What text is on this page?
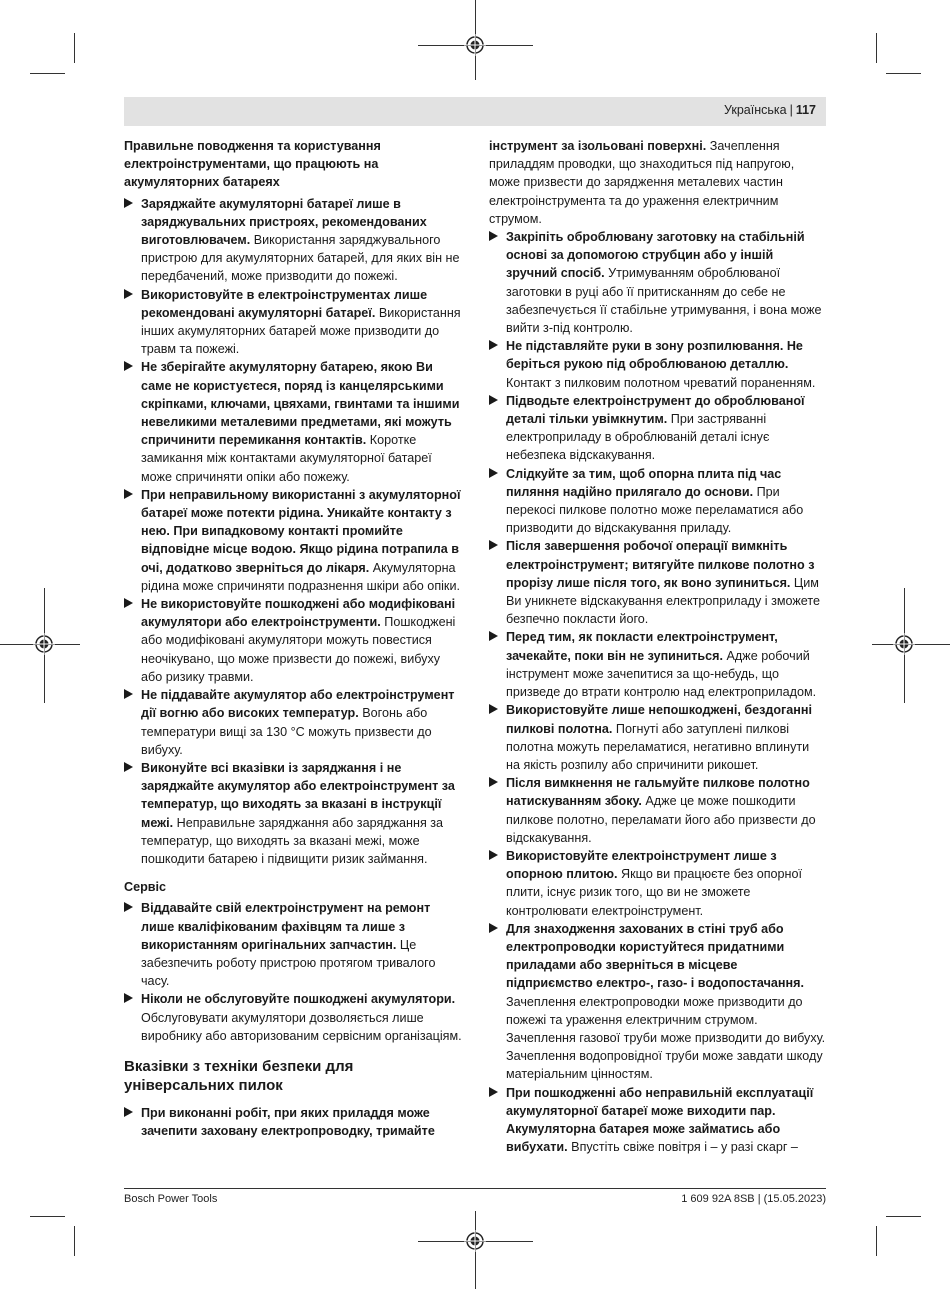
Українська | 117

Правильне поводження та користування електроінструментами, що працюють на акумуляторних батареях

Заряджайте акумуляторні батареї лише в заряджувальних пристроях, рекомендованих виготовлювачем. Використання заряджувального пристрою для акумуляторних батарей, для яких він не передбачений, може призводити до пожежі.

Використовуйте в електроінструментах лише рекомендовані акумуляторні батареї. Використання інших акумуляторних батарей може призводити до травм та пожежі.

Не зберігайте акумуляторну батарею, якою Ви саме не користуєтеся, поряд із канцелярськими скріпками, ключами, цвяхами, гвинтами та іншими невеликими металевими предметами, які можуть спричинити перемикання контактів. Коротке замикання між контактами акумуляторної батареї може спричиняти опіки або пожежу.

При неправильному використанні з акумуляторної батареї може потекти рідина. Уникайте контакту з нею. При випадковому контакті промийте відповідне місце водою. Якщо рідина потрапила в очі, додатково зверніться до лікаря. Акумуляторна рідина може спричиняти подразнення шкіри або опіки.

Не використовуйте пошкоджені або модифіковані акумулятори або електроінструменти. Пошкоджені або модифіковані акумулятори можуть повестися неочікувано, що може призвести до пожежі, вибуху або ризику травми.

Не піддавайте акумулятор або електроінструмент дії вогню або високих температур. Вогонь або температури вищі за 130 °C можуть призвести до вибуху.

Виконуйте всі вказівки із заряджання і не заряджайте акумулятор або електроінструмент за температур, що виходять за вказані в інструкції межі. Неправильне заряджання або заряджання за температур, що виходять за вказані межі, може пошкодити батарею і підвищити ризик займання.

Сервіс

Віддавайте свій електроінструмент на ремонт лише кваліфікованим фахівцям та лише з використанням оригінальних запчастин. Це забезпечить роботу пристрою протягом тривалого часу.

Ніколи не обслуговуйте пошкоджені акумулятори. Обслуговувати акумулятори дозволяється лише виробнику або авторизованим сервісним організаціям.

Вказівки з техніки безпеки для універсальних пилок

При виконанні робіт, при яких приладдя може зачепити заховану електропроводку, тримайте

інструмент за ізольовані поверхні. Зачеплення приладдям проводки, що знаходиться під напругою, може призвести до зарядження металевих частин електроінструмента та до ураження електричним струмом.

Закріпіть оброблювану заготовку на стабільній основі за допомогою струбцин або у іншій зручний спосіб. Утримуванням оброблюваної заготовки в руці або її притисканням до себе не забезпечується її стабільне утримування, і вона може вийти з-під контролю.

Не підставляйте руки в зону розпилювання. Не беріться рукою під оброблюваною деталлю. Контакт з пилковим полотном чреватий пораненням.

Підводьте електроінструмент до оброблюваної деталі тільки увімкнутим. При застряванні електроприладу в оброблюваній деталі існує небезпека відскакування.

Слідкуйте за тим, щоб опорна плита під час пиляння надійно прилягало до основи. При перекосі пилкове полотно може переламатися або призводити до відскакування приладу.

Після завершення робочої операції вимкніть електроінструмент; витягуйте пилкове полотно з прорізу лише після того, як воно зупиниться. Цим Ви уникнете відскакування електроприладу і зможете безпечно покласти його.

Перед тим, як покласти електроінструмент, зачекайте, поки він не зупиниться. Адже робочий інструмент може зачепитися за що-небудь, що призведе до втрати контролю над електроприладом.

Використовуйте лише непошкоджені, бездоганні пилкові полотна. Погнуті або затуплені пилкові полотна можуть переламатися, негативно вплинути на якість розпилу або спричинити рикошет.

Після вимкнення не гальмуйте пилкове полотно натискуванням збоку. Адже це може пошкодити пилкове полотно, переламати його або призвести до відскакування.

Використовуйте електроінструмент лише з опорною плитою. Якщо ви працюєте без опорної плити, існує ризик того, що ви не зможете контролювати електроінструмент.

Для знаходження захованих в стіні труб або електропроводки користуйтеся придатними приладами або зверніться в місцеве підприємство електро-, газо- і водопостачання. Зачеплення електропроводки може призводити до пожежі та ураження електричним струмом. Зачеплення газової труби може призводити до вибуху. Зачеплення водопровідної труби може завдати шкоду матеріальним цінностям.

При пошкодженні або неправильній експлуатації акумуляторної батареї може виходити пар. Акумуляторна батарея може займатись або вибухати. Впустіть свіже повітря і – у разі скарг –

Bosch Power Tools	1 609 92A 8SB | (15.05.2023)
